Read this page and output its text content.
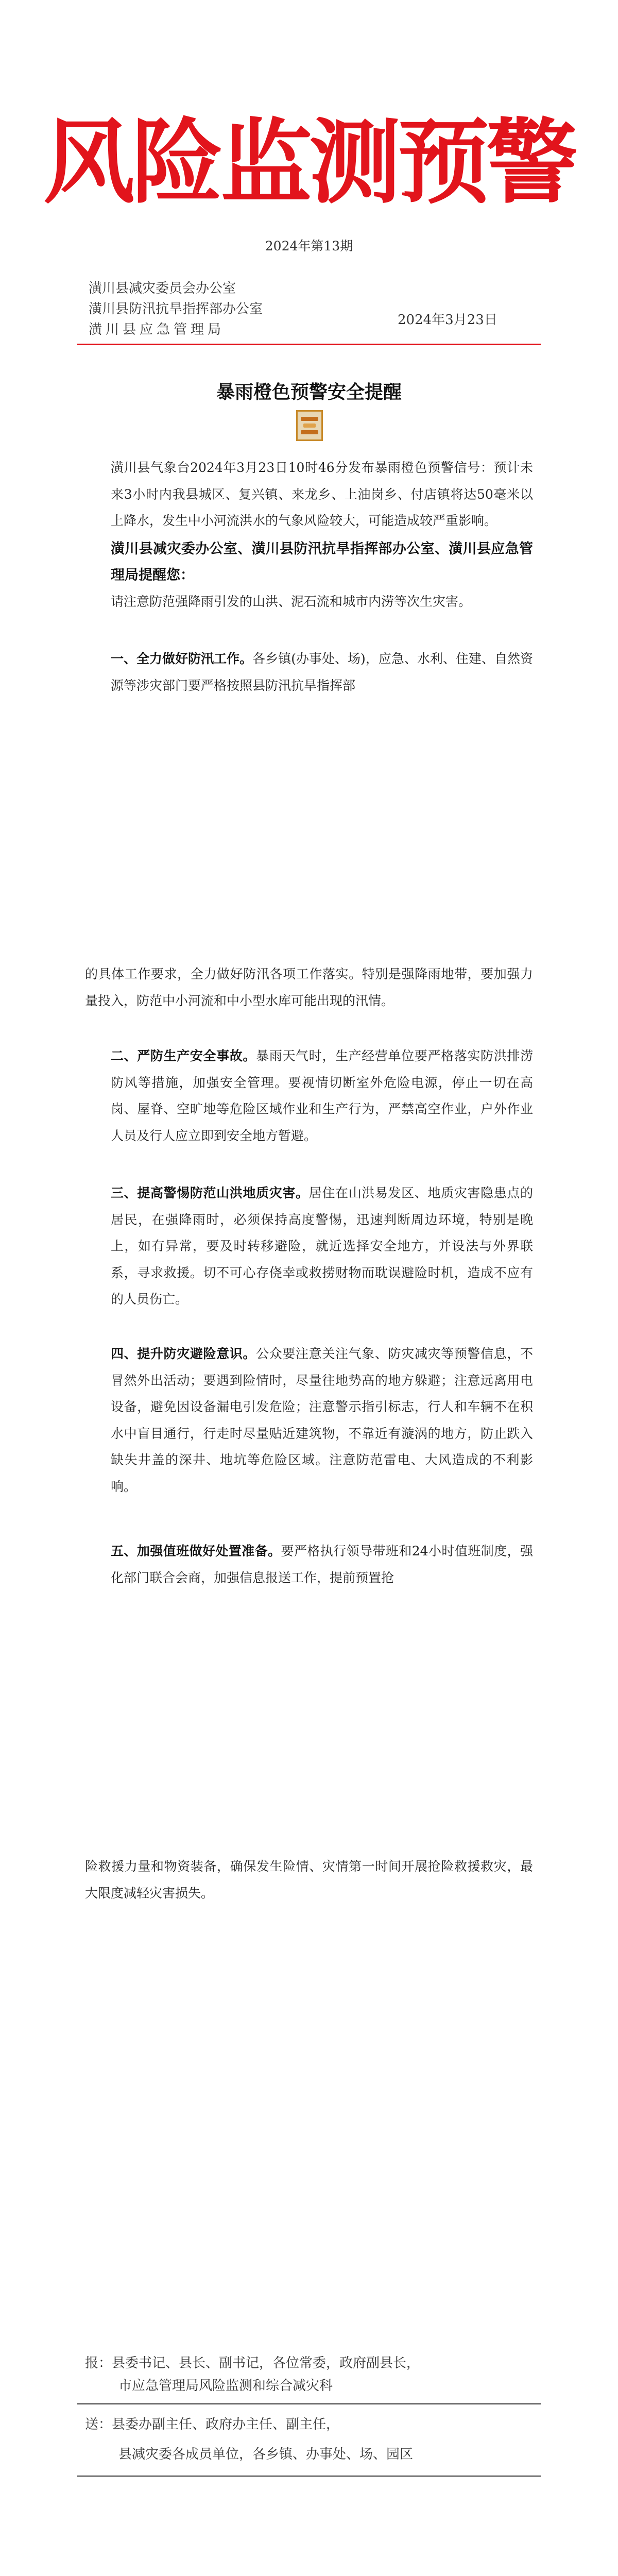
风险监测预警
2024年第13期
潢川县减灾委员会办公室
潢川县防汛抗旱指挥部办公室
潢川县应急管理局
2024年3月23日
暴雨橙色预警安全提醒
潢川县气象台2024年3月23日10时46分发布暴雨橙色预警信号：预计未来3小时内我县城区、复兴镇、来龙乡、上油岗乡、付店镇将达50毫米以上降水，发生中小河流洪水的气象风险较大，可能造成较严重影响。
潢川县减灾委办公室、潢川县防汛抗旱指挥部办公室、潢川县应急管理局提醒您：
请注意防范强降雨引发的山洪、泥石流和城市内涝等次生灾害。
一、全力做好防汛工作。各乡镇(办事处、场)，应急、水利、住建、自然资源等涉灾部门要严格按照县防汛抗旱指挥部
的具体工作要求，全力做好防汛各项工作落实。特别是强降雨地带，要加强力量投入，防范中小河流和中小型水库可能出现的汛情。
二、严防生产安全事故。暴雨天气时，生产经营单位要严格落实防洪排涝防风等措施，加强安全管理。要视情切断室外危险电源，停止一切在高岗、屋脊、空旷地等危险区域作业和生产行为，严禁高空作业，户外作业人员及行人应立即到安全地方暂避。
三、提高警惕防范山洪地质灾害。居住在山洪易发区、地质灾害隐患点的居民，在强降雨时，必须保持高度警惕，迅速判断周边环境，特别是晚上，如有异常，要及时转移避险，就近选择安全地方，并设法与外界联系，寻求救援。切不可心存侥幸或救捞财物而耽误避险时机，造成不应有的人员伤亡。
四、提升防灾避险意识。公众要注意关注气象、防灾减灾等预警信息，不冒然外出活动；要遇到险情时，尽量往地势高的地方躲避；注意远离用电设备，避免因设备漏电引发危险；注意警示指引标志，行人和车辆不在积水中盲目通行，行走时尽量贴近建筑物，不靠近有漩涡的地方，防止跌入缺失井盖的深井、地坑等危险区域。注意防范雷电、大风造成的不利影响。
五、加强值班做好处置准备。要严格执行领导带班和24小时值班制度，强化部门联合会商，加强信息报送工作，提前预置抢
险救援力量和物资装备，确保发生险情、灾情第一时间开展抢险救援救灾，最大限度减轻灾害损失。
报：县委书记、县长、副书记，各位常委，政府副县长，
市应急管理局风险监测和综合减灾科
送：县委办副主任、政府办主任、副主任，
县减灾委各成员单位，各乡镇、办事处、场、园区
